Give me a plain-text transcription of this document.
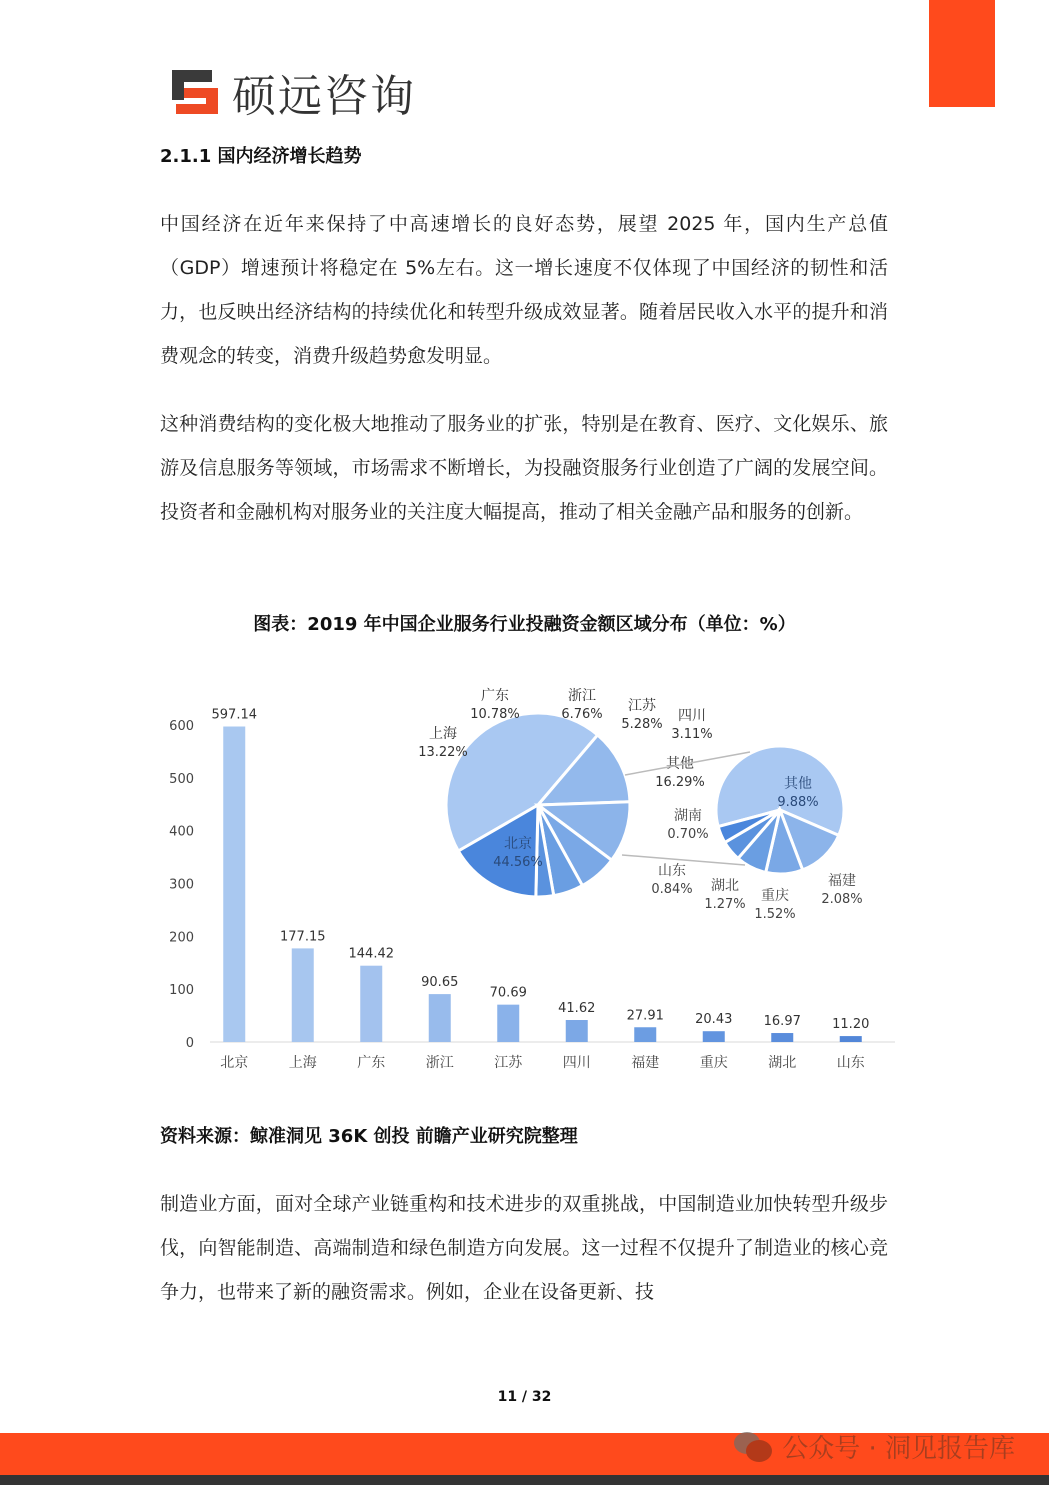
硕远咨询
2.1.1 国内经济增长趋势
中国经济在近年来保持了中高速增长的良好态势，展望 2025 年，国内生产总值（GDP）增速预计将稳定在 5%左右。这一增长速度不仅体现了中国经济的韧性和活力，也反映出经济结构的持续优化和转型升级成效显著。随着居民收入水平的提升和消费观念的转变，消费升级趋势愈发明显。
这种消费结构的变化极大地推动了服务业的扩张，特别是在教育、医疗、文化娱乐、旅游及信息服务等领域，市场需求不断增长，为投融资服务行业创造了广阔的发展空间。投资者和金融机构对服务业的关注度大幅提高，推动了相关金融产品和服务的创新。
图表：2019 年中国企业服务行业投融资金额区域分布（单位：%）
0
100
200
300
400
500
600
597.14
北京
177.15
上海
144.42
广东
90.65
浙江
70.69
江苏
41.62
四川
27.91
福建
20.43
重庆
16.97
湖北
11.20
山东
北京
44.56%
上海
13.22%
广东
10.78%
浙江
6.76%
江苏
5.28%
四川
3.11%
其他
16.29%	其他
9.88%
福建
2.08%
重庆
1.52%
湖北
1.27%
山东
0.84%
湖南
0.70%
资料来源：鲸准洞见 36K 创投 前瞻产业研究院整理
制造业方面，面对全球产业链重构和技术进步的双重挑战，中国制造业加快转型升级步伐，向智能制造、高端制造和绿色制造方向发展。这一过程不仅提升了制造业的核心竞争力，也带来了新的融资需求。例如，企业在设备更新、技
11 / 32
公众号 · 洞见报告库
